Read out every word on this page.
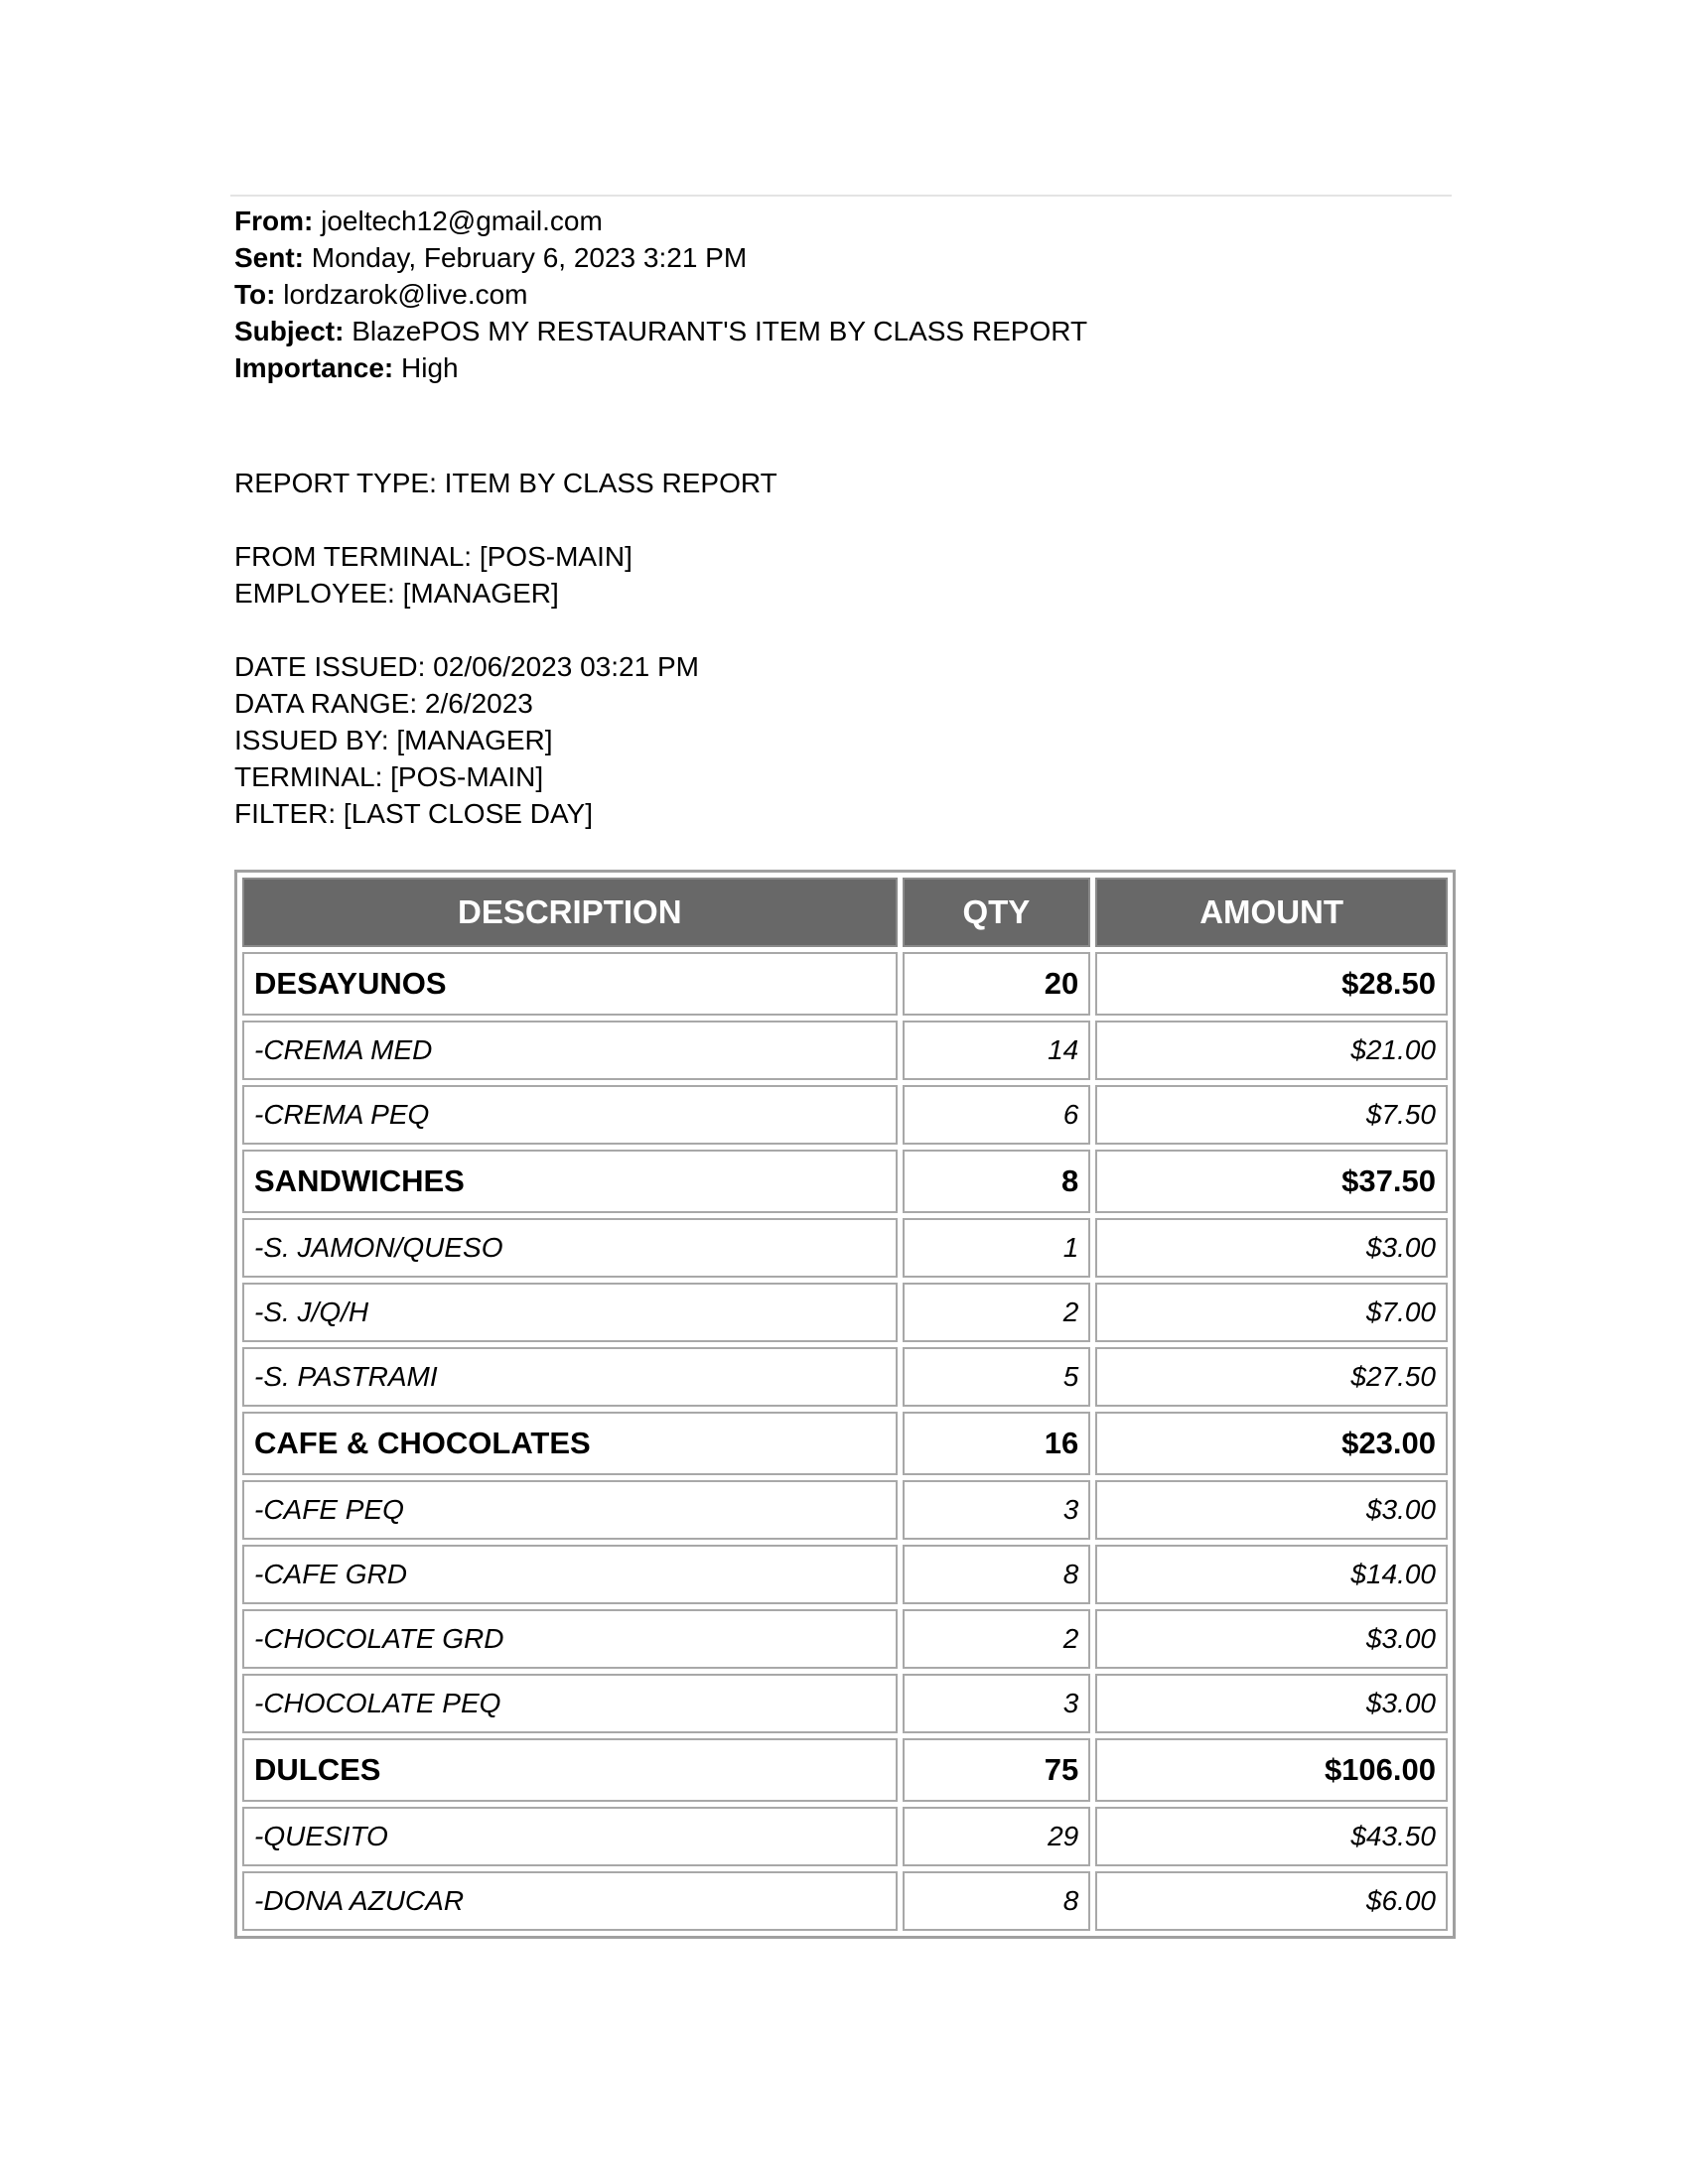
From: joeltech12@gmail.com
Sent: Monday, February 6, 2023 3:21 PM
To: lordzarok@live.com
Subject: BlazePOS MY RESTAURANT'S ITEM BY CLASS REPORT
Importance: High
REPORT TYPE: ITEM BY CLASS REPORT
FROM TERMINAL: [POS-MAIN]
EMPLOYEE: [MANAGER]
DATE ISSUED: 02/06/2023 03:21 PM
DATA RANGE: 2/6/2023
ISSUED BY: [MANAGER]
TERMINAL: [POS-MAIN]
FILTER: [LAST CLOSE DAY]
DESCRIPTION	QTY	AMOUNT
DESAYUNOS	20	$28.50
-CREMA MED	14	$21.00
-CREMA PEQ	6	$7.50
SANDWICHES	8	$37.50
-S. JAMON/QUESO	1	$3.00
-S. J/Q/H	2	$7.00
-S. PASTRAMI	5	$27.50
CAFE & CHOCOLATES	16	$23.00
-CAFE PEQ	3	$3.00
-CAFE GRD	8	$14.00
-CHOCOLATE GRD	2	$3.00
-CHOCOLATE PEQ	3	$3.00
DULCES	75	$106.00
-QUESITO	29	$43.50
-DONA AZUCAR	8	$6.00
